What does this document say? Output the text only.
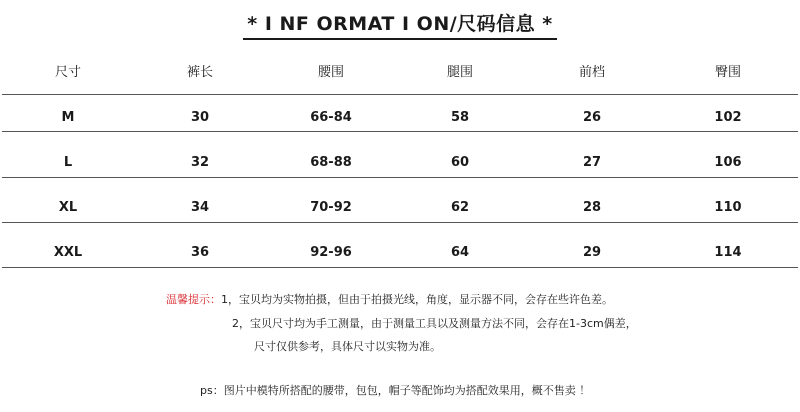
* I NF ORMAT I ON/尺码信息 *
尺寸	裤长	腰围	腿围	前档	臀围
M	30	66-84	58	26	102
L	32	68-88	60	27	106
XL	34	70-92	62	28	110
XXL	36	92-96	64	29	114
温馨提示：1，宝贝均为实物拍摄，但由于拍摄光线，角度，显示器不同，会存在些许色差。
2，宝贝尺寸均为手工测量，由于测量工具以及测量方法不同，会存在1-3cm偶差，
尺寸仅供参考，具体尺寸以实物为准。
ps：图片中模特所搭配的腰带，包包，帽子等配饰均为搭配效果用，概不售卖 ！
